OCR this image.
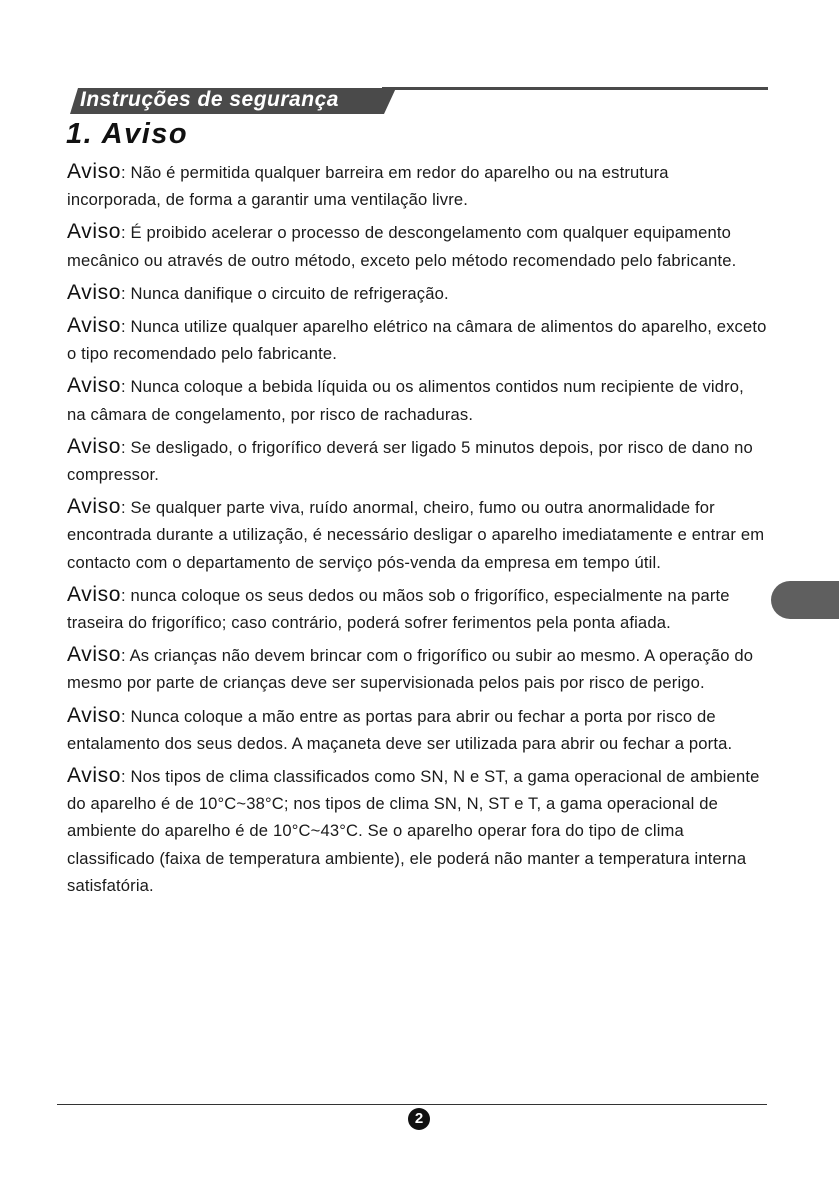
Instruções de segurança
1. Aviso

Aviso: Não é permitida qualquer barreira em redor do aparelho ou na estrutura incorporada, de forma a garantir uma ventilação livre.

Aviso: É proibido acelerar o processo de descongelamento com qualquer equipamento mecânico ou através de outro método, exceto pelo método recomendado pelo fabricante.

Aviso: Nunca danifique o circuito de refrigeração.

Aviso: Nunca utilize qualquer aparelho elétrico na câmara de alimentos do aparelho, exceto o tipo recomendado pelo fabricante.

Aviso: Nunca coloque a bebida líquida ou os alimentos contidos num recipiente de vidro, na câmara de congelamento, por risco de rachaduras.

Aviso: Se desligado, o frigorífico deverá ser ligado 5 minutos depois, por risco de dano no compressor.

Aviso: Se qualquer parte viva, ruído anormal, cheiro, fumo ou outra anormalidade for encontrada durante a utilização, é necessário desligar o aparelho imediatamente e entrar em contacto com o departamento de serviço pós-venda da empresa em tempo útil.

Aviso: nunca coloque os seus dedos ou mãos sob o frigorífico, especialmente na parte traseira do frigorífico; caso contrário, poderá sofrer ferimentos pela ponta afiada.

Aviso: As crianças não devem brincar com o frigorífico ou subir ao mesmo. A operação do mesmo por parte de crianças deve ser supervisionada pelos pais por risco de perigo.

Aviso: Nunca coloque a mão entre as portas para abrir ou fechar a porta por risco de entalamento dos seus dedos. A maçaneta deve ser utilizada para abrir ou fechar a porta.

Aviso: Nos tipos de clima classificados como SN, N e ST, a gama operacional de ambiente do aparelho é de 10°C~38°C; nos tipos de clima SN, N, ST e T, a gama operacional de ambiente do aparelho é de 10°C~43°C. Se o aparelho operar fora do tipo de clima classificado (faixa de temperatura ambiente), ele poderá não manter a temperatura interna satisfatória.

2
